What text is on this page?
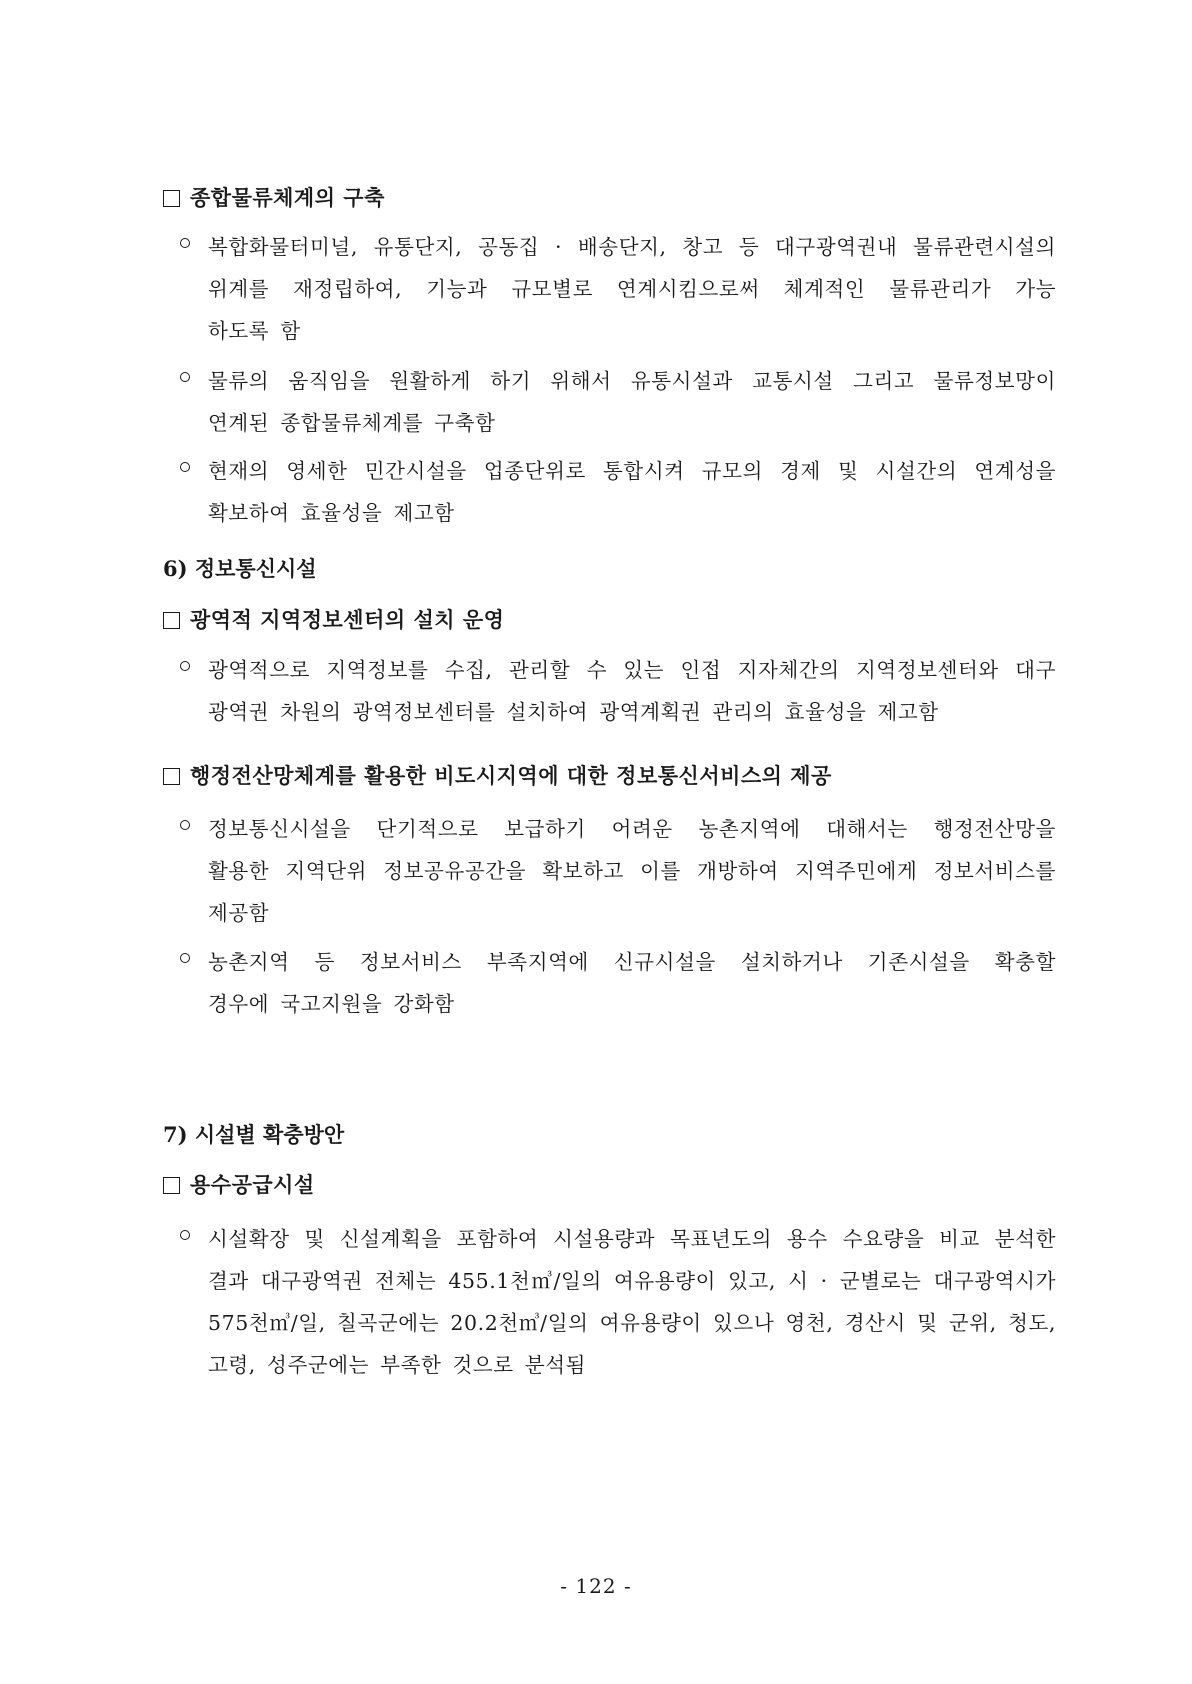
종합물류체계의 구축
복합화물터미널, 유통단지, 공동집 · 배송단지, 창고 등 대구광역권내 물류관련시설의
위계를 재정립하여, 기능과 규모별로 연계시킴으로써 체계적인 물류관리가 가능
하도록 함
물류의 움직임을 원활하게 하기 위해서 유통시설과 교통시설 그리고 물류정보망이
연계된 종합물류체계를 구축함
현재의 영세한 민간시설을 업종단위로 통합시켜 규모의 경제 및 시설간의 연계성을
확보하여 효율성을 제고함
6) 정보통신시설
광역적 지역정보센터의 설치 운영
광역적으로 지역정보를 수집, 관리할 수 있는 인접 지자체간의 지역정보센터와 대구
광역권 차원의 광역정보센터를 설치하여 광역계획권 관리의 효율성을 제고함
행정전산망체계를 활용한 비도시지역에 대한 정보통신서비스의 제공
정보통신시설을 단기적으로 보급하기 어려운 농촌지역에 대해서는 행정전산망을
활용한 지역단위 정보공유공간을 확보하고 이를 개방하여 지역주민에게 정보서비스를
제공함
농촌지역 등 정보서비스 부족지역에 신규시설을 설치하거나 기존시설을 확충할
경우에 국고지원을 강화함
7) 시설별 확충방안
용수공급시설
시설확장 및 신설계획을 포함하여 시설용량과 목표년도의 용수 수요량을 비교 분석한
결과 대구광역권 전체는 455.1천㎥/일의 여유용량이 있고, 시 · 군별로는 대구광역시가
575천㎥/일, 칠곡군에는 20.2천㎥/일의 여유용량이 있으나 영천, 경산시 및 군위, 청도,
고령, 성주군에는 부족한 것으로 분석됨
- 122 -
